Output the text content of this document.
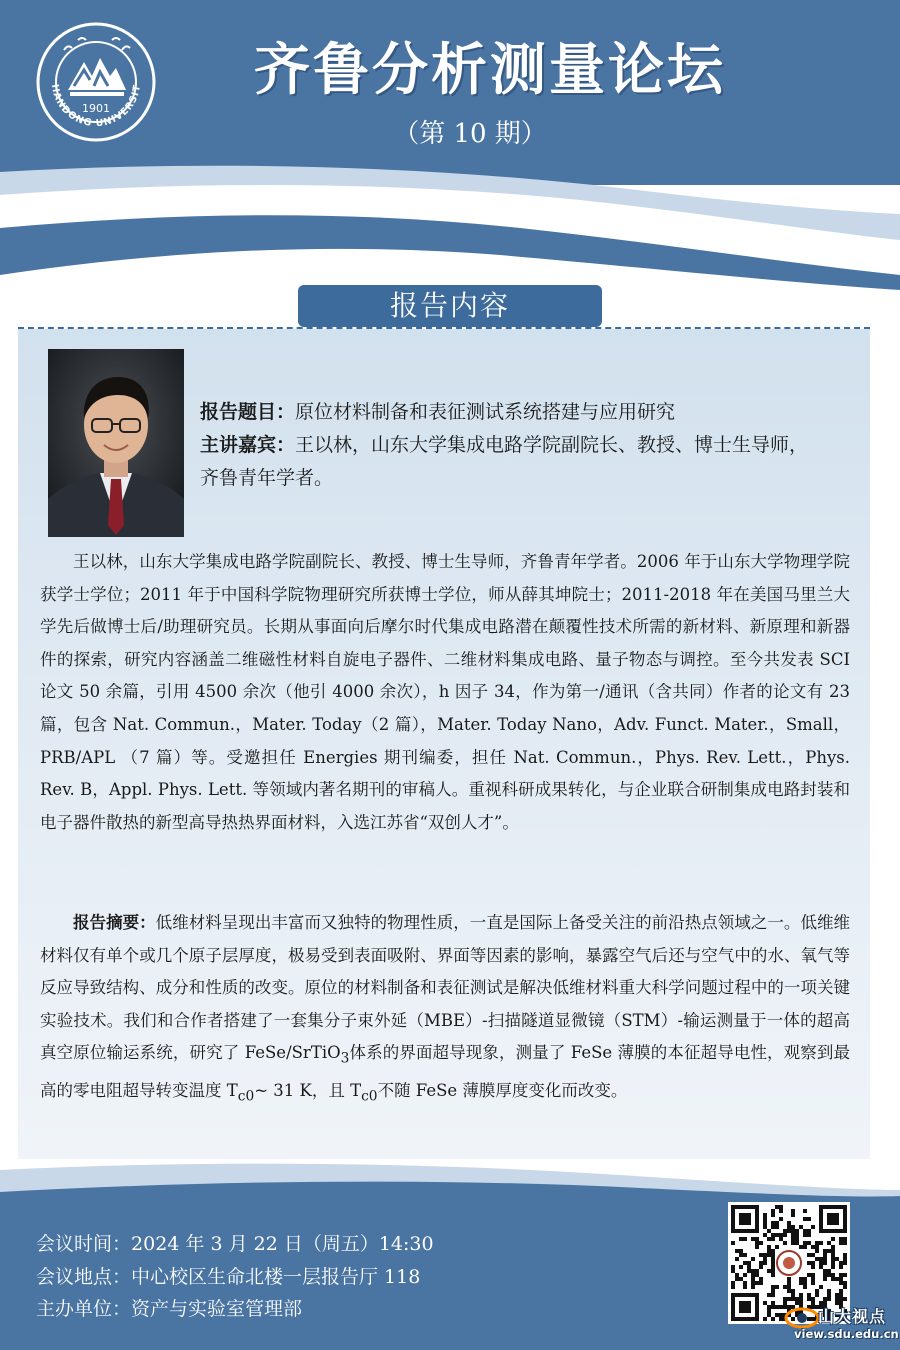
1901
HANDONG UNIVERSIT	齐鲁分析测量论坛
（第 10 期）
报告内容
报告题目：原位材料制备和表征测试系统搭建与应用研究
主讲嘉宾：王以林，山东大学集成电路学院副院长、教授、博士生导师，
齐鲁青年学者。
王以林，山东大学集成电路学院副院长、教授、博士生导师，齐鲁青年学者。2006 年于山东大学物理学院获学士学位；2011 年于中国科学院物理研究所获博士学位，师从薛其坤院士；2011-2018 年在美国马里兰大学先后做博士后/助理研究员。长期从事面向后摩尔时代集成电路潜在颠覆性技术所需的新材料、新原理和新器件的探索，研究内容涵盖二维磁性材料自旋电子器件、二维材料集成电路、量子物态与调控。至今共发表 SCI 论文 50 余篇，引用 4500 余次（他引 4000 余次），h 因子 34，作为第一/通讯（含共同）作者的论文有 23 篇，包含 Nat. Commun.，Mater. Today（2 篇），Mater. Today Nano，Adv. Funct. Mater.，Small，PRB/APL （7 篇）等。受邀担任 Energies 期刊编委，担任 Nat. Commun.，Phys. Rev. Lett.，Phys. Rev. B，Appl. Phys. Lett. 等领域内著名期刊的审稿人。重视科研成果转化，与企业联合研制集成电路封装和电子器件散热的新型高导热热界面材料，入选江苏省“双创人才”。
报告摘要：低维材料呈现出丰富而又独特的物理性质，一直是国际上备受关注的前沿热点领域之一。低维维材料仅有单个或几个原子层厚度，极易受到表面吸附、界面等因素的影响，暴露空气后还与空气中的水、氧气等反应导致结构、成分和性质的改变。原位的材料制备和表征测试是解决低维材料重大科学问题过程中的一项关键实验技术。我们和合作者搭建了一套集分子束外延（MBE）-扫描隧道显微镜（STM）-输运测量于一体的超高真空原位输运系统，研究了 FeSe/SrTiO$_3$体系的界面超导现象，测量了 FeSe 薄膜的本征超导电性，观察到最高的零电阻超导转变温度 $T_{c0}\sim$ 31 K，且 $T_{c0}$不随 FeSe 薄膜厚度变化而改变。
会议时间：2024 年 3 月 22 日（周五）14:30
会议地点：中心校区生命北楼一层报告厅 118
主办单位：资产与实验室管理部	山大视点
view.sdu.edu.cn
